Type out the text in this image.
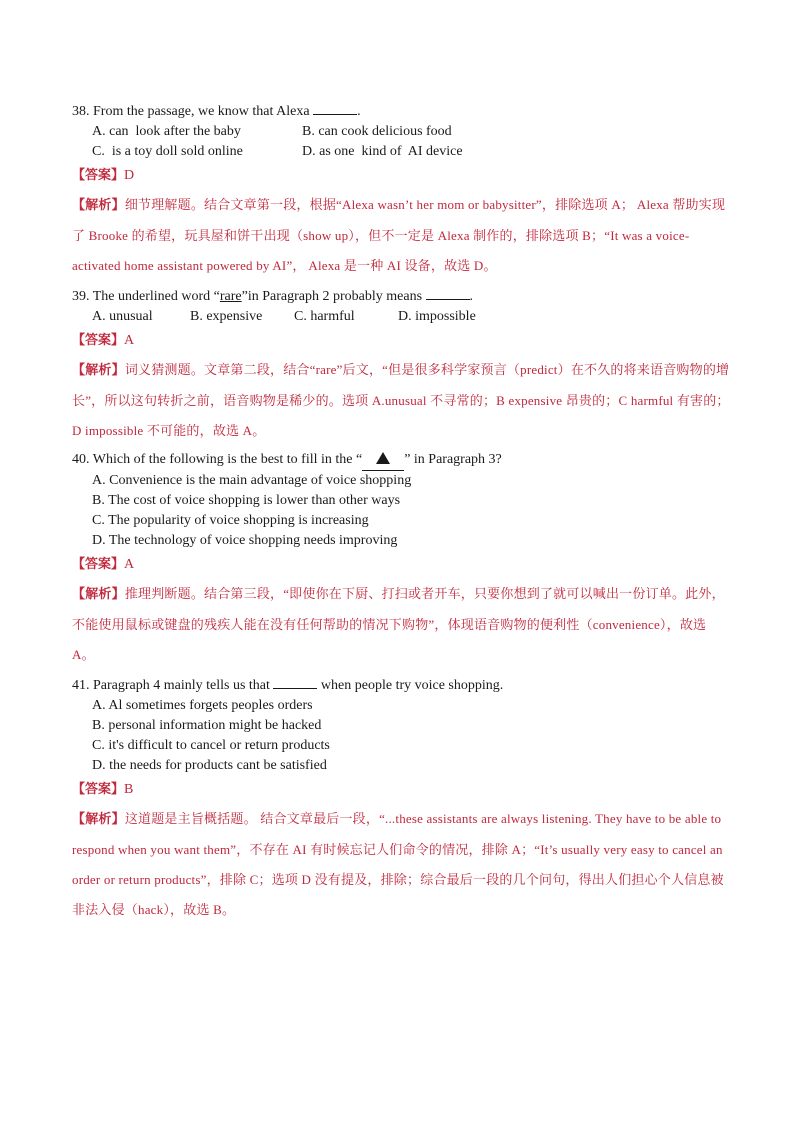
38. From the passage, we know that Alexa	.
A. can  look after the baby	B. can cook delicious food
C.  is a toy doll sold online	D. as one  kind of  AI device
【答案】D
【解析】细节理解题。结合文章第一段，根据“Alexa wasn’t her mom or babysitter”，排除选项 A； Alexa 帮助实现了 Brooke 的希望，玩具屋和饼干出现（show up），但不一定是 Alexa 制作的，排除选项 B；“It was a voice-activated home assistant powered by AI”， Alexa 是一种 AI 设备，故选 D。
39. The underlined word “rare”in Paragraph 2 probably means	.
A. unusual	B. expensive	C. harmful	D. impossible
【答案】A
【解析】词义猜测题。文章第二段，结合“rare”后文，“但是很多科学家预言（predict）在不久的将来语音购物的增长”，所以这句转折之前，语音购物是稀少的。选项 A.unusual 不寻常的；B expensive 昂贵的；C harmful 有害的； D impossible 不可能的，故选 A。
40. Which of the following is the best to fill in the “	” in Paragraph 3?
A. Convenience is the main advantage of voice shopping
B. The cost of voice shopping is lower than other ways
C. The popularity of voice shopping is increasing
D. The technology of voice shopping needs improving
【答案】A
【解析】推理判断题。结合第三段，“即使你在下厨、打扫或者开车，只要你想到了就可以喊出一份订单。此外，不能使用鼠标或键盘的残疾人能在没有任何帮助的情况下购物”，体现语音购物的便利性（convenience），故选 A。
41. Paragraph 4 mainly tells us that	when people try voice shopping.
A. Al sometimes forgets peoples orders
B. personal information might be hacked
C. it's difficult to cancel or return products
D. the needs for products cant be satisfied
【答案】B
【解析】这道题是主旨概括题。 结合文章最后一段，“...these assistants are always listening. They have to be able to respond when you want them”，不存在 AI 有时候忘记人们命令的情况，排除 A；“It’s usually very easy to cancel an order or return products”，排除 C；选项 D 没有提及，排除；综合最后一段的几个问句，得出人们担心个人信息被非法入侵（hack），故选 B。
